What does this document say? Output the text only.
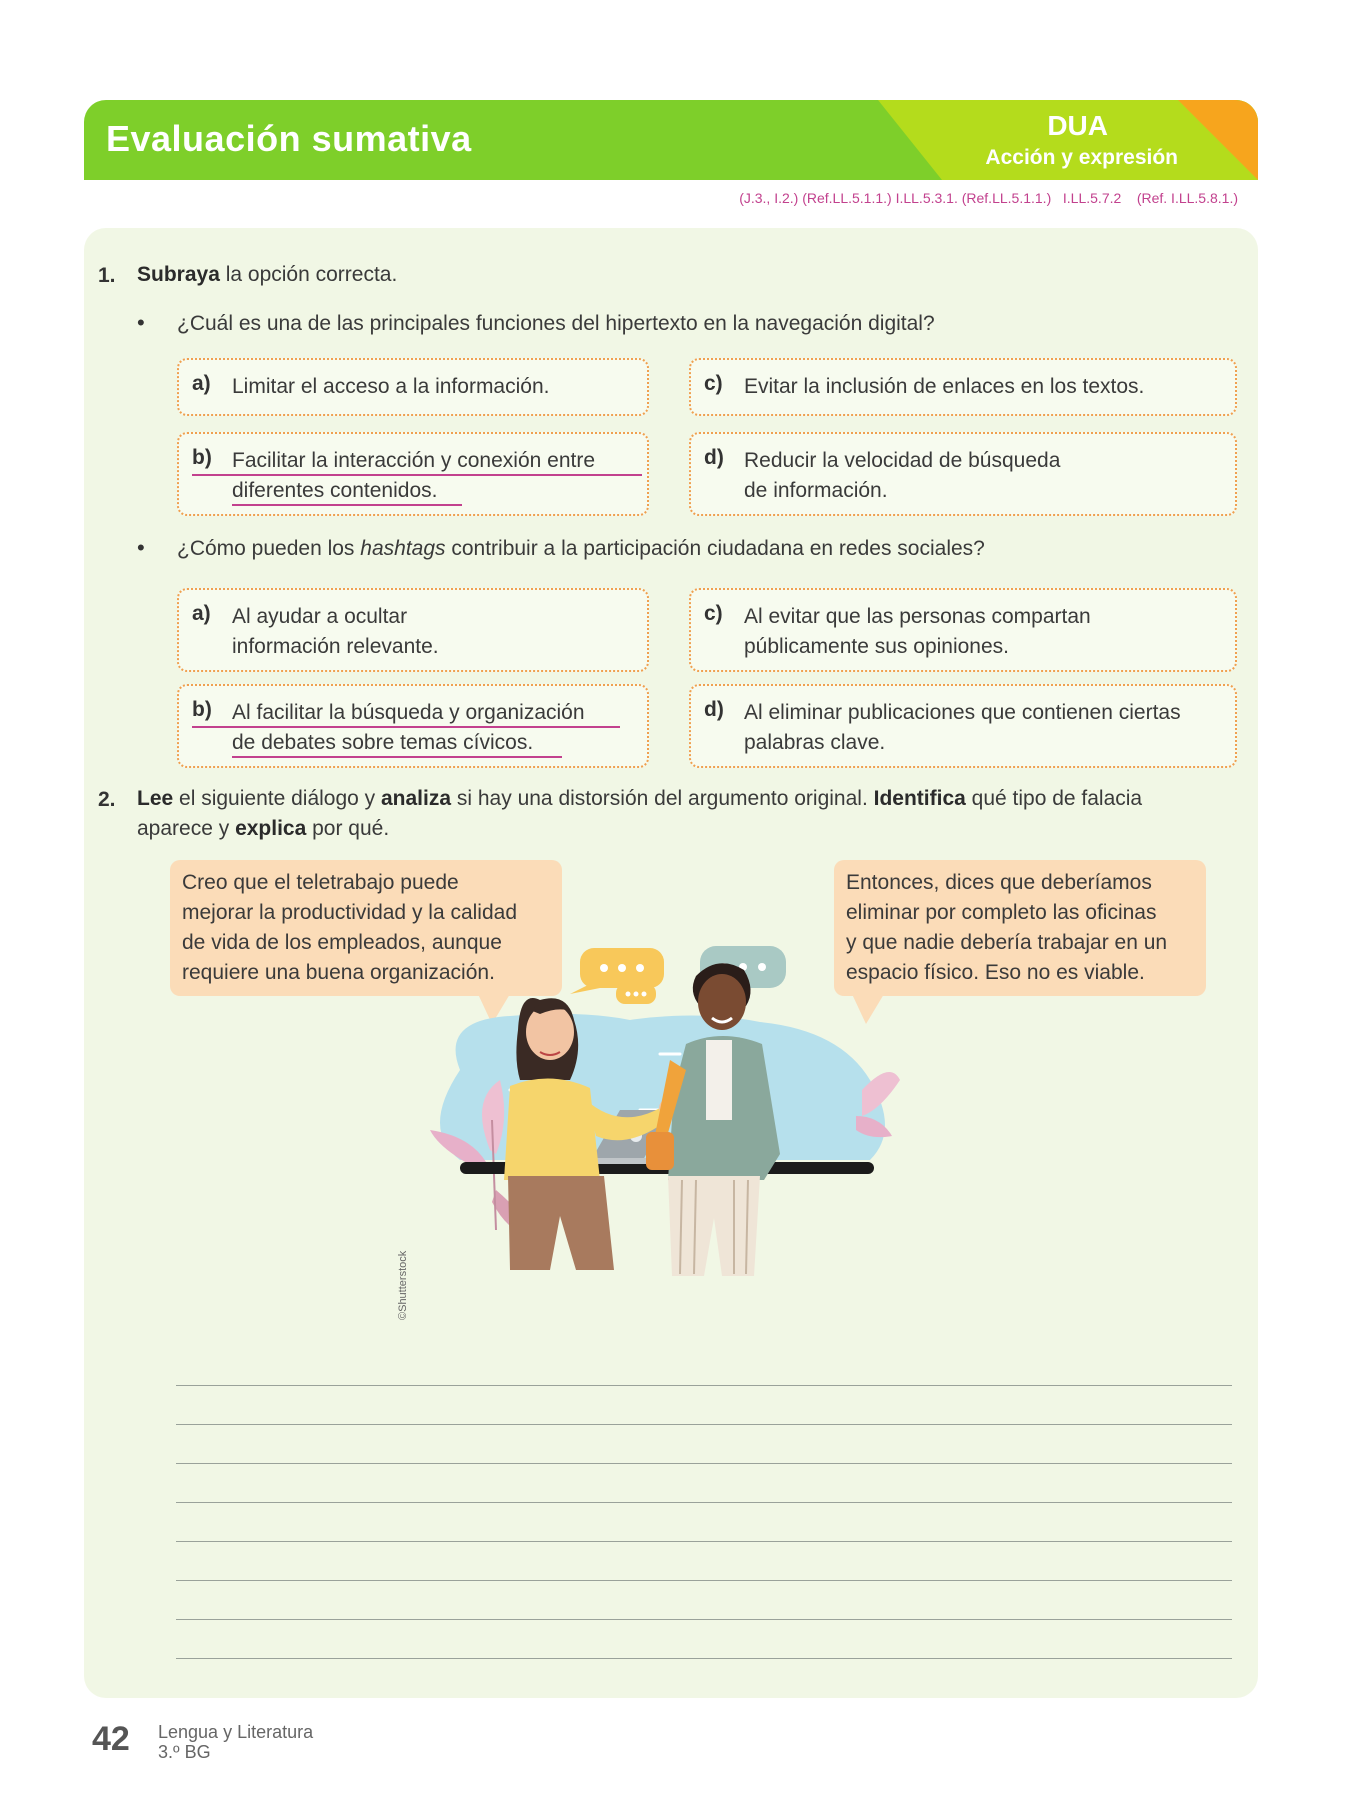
Evaluación sumativa	DUA
Acción y expresión
(J.3., I.2.) (Ref.LL.5.1.1.) I.LL.5.3.1. (Ref.LL.5.1.1.)   I.LL.5.7.2    (Ref. I.LL.5.8.1.)
1. Subraya la opción correcta.
• ¿Cuál es una de las principales funciones del hipertexto en la navegación digital?
a) Limitar el acceso a la información.	c) Evitar la inclusión de enlaces en los textos.
b) Facilitar la interacción y conexión entre
diferentes contenidos.
d) Reducir la velocidad de búsqueda
de información.
• ¿Cómo pueden los hashtags contribuir a la participación ciudadana en redes sociales?
a) Al ayudar a ocultar
información relevante.
c) Al evitar que las personas compartan
públicamente sus opiniones.
b) Al facilitar la búsqueda y organización
de debates sobre temas cívicos.
d) Al eliminar publicaciones que contienen ciertas
palabras clave.
2. Lee el siguiente diálogo y analiza si hay una distorsión del argumento original. Identifica qué tipo de falacia
aparece y explica por qué.
Creo que el teletrabajo puede
mejorar la productividad y la calidad
de vida de los empleados, aunque
requiere una buena organización.
Entonces, dices que deberíamos
eliminar por completo las oficinas
y que nadie debería trabajar en un
espacio físico. Eso no es viable.
©Shutterstock
42 Lengua y Literatura
3.º BG
